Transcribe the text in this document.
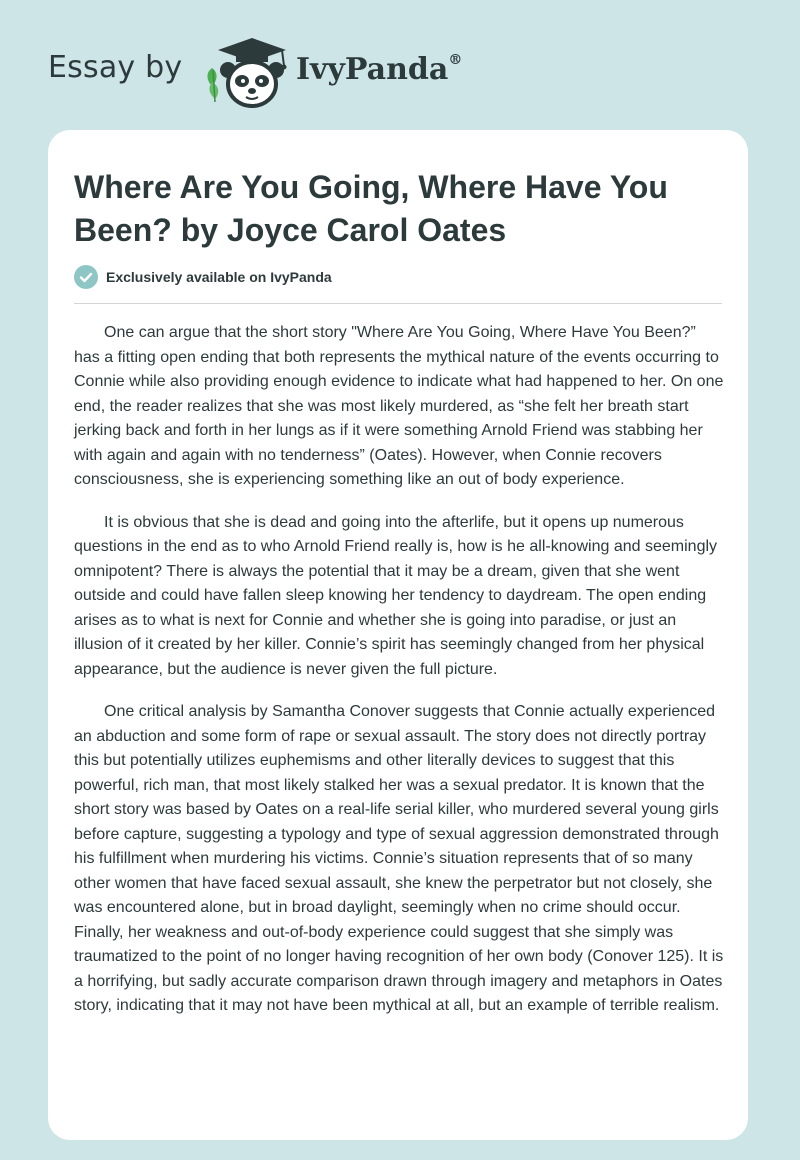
Essay by	IvyPanda®
Where Are You Going, Where Have You Been? by Joyce Carol Oates
Exclusively available on IvyPanda

One can argue that the short story "Where Are You Going, Where Have You Been?” has a fitting open ending that both represents the mythical nature of the events occurring to Connie while also providing enough evidence to indicate what had happened to her. On one end, the reader realizes that she was most likely murdered, as “she felt her breath start jerking back and forth in her lungs as if it were something Arnold Friend was stabbing her with again and again with no tenderness” (Oates). However, when Connie recovers consciousness, she is experiencing something like an out of body experience.

It is obvious that she is dead and going into the afterlife, but it opens up numerous questions in the end as to who Arnold Friend really is, how is he all-knowing and seemingly omnipotent? There is always the potential that it may be a dream, given that she went outside and could have fallen sleep knowing her tendency to daydream. The open ending arises as to what is next for Connie and whether she is going into paradise, or just an illusion of it created by her killer. Connie’s spirit has seemingly changed from her physical appearance, but the audience is never given the full picture.

One critical analysis by Samantha Conover suggests that Connie actually experienced an abduction and some form of rape or sexual assault. The story does not directly portray this but potentially utilizes euphemisms and other literally devices to suggest that this powerful, rich man, that most likely stalked her was a sexual predator. It is known that the short story was based by Oates on a real-life serial killer, who murdered several young girls before capture, suggesting a typology and type of sexual aggression demonstrated through his fulfillment when murdering his victims. Connie’s situation represents that of so many other women that have faced sexual assault, she knew the perpetrator but not closely, she was encountered alone, but in broad daylight, seemingly when no crime should occur. Finally, her weakness and out-of-body experience could suggest that she simply was traumatized to the point of no longer having recognition of her own body (Conover 125). It is a horrifying, but sadly accurate comparison drawn through imagery and metaphors in Oates story, indicating that it may not have been mythical at all, but an example of terrible realism.
